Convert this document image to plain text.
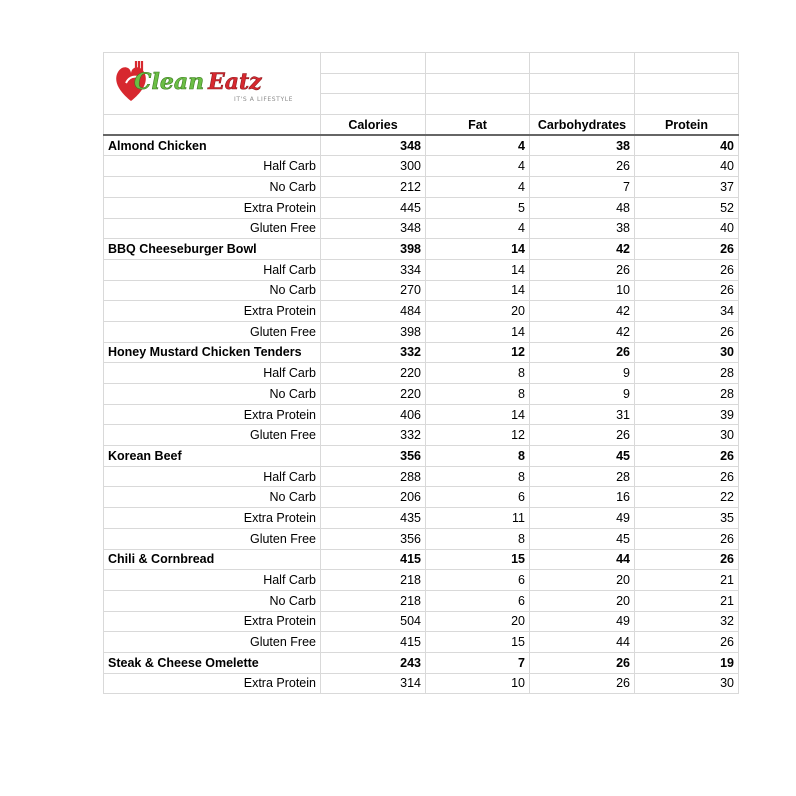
Clean Eatz
IT'S A LIFESTYLE				

	Calories	Fat	Carbohydrates	Protein
Almond Chicken	348	4	38	40
Half Carb	300	4	26	40
No Carb	212	4	7	37
Extra Protein	445	5	48	52
Gluten Free	348	4	38	40
BBQ Cheeseburger Bowl	398	14	42	26
Half Carb	334	14	26	26
No Carb	270	14	10	26
Extra Protein	484	20	42	34
Gluten Free	398	14	42	26
Honey Mustard Chicken Tenders	332	12	26	30
Half Carb	220	8	9	28
No Carb	220	8	9	28
Extra Protein	406	14	31	39
Gluten Free	332	12	26	30
Korean Beef	356	8	45	26
Half Carb	288	8	28	26
No Carb	206	6	16	22
Extra Protein	435	11	49	35
Gluten Free	356	8	45	26
Chili & Cornbread	415	15	44	26
Half Carb	218	6	20	21
No Carb	218	6	20	21
Extra Protein	504	20	49	32
Gluten Free	415	15	44	26
Steak & Cheese Omelette	243	7	26	19
Extra Protein	314	10	26	30
